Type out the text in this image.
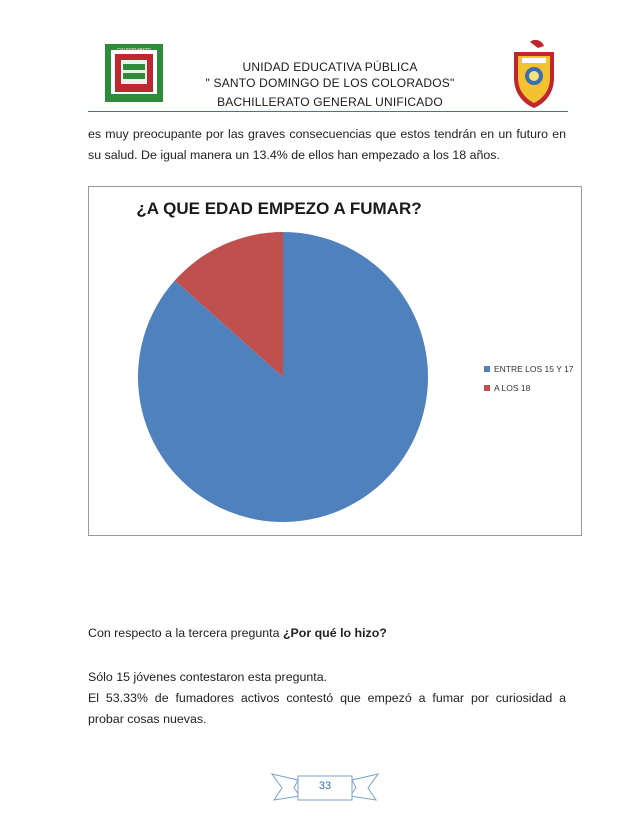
COLEGIO MIXTO
UNIDAD EDUCATIVA PÚBLICA
" SANTO DOMINGO DE LOS COLORADOS"
BACHILLERATO GENERAL UNIFICADO
es muy preocupante por las graves consecuencias que estos tendrán en un futuro en
su salud. De igual manera un 13.4% de ellos han empezado a los 18 años.
¿A QUE EDAD EMPEZO A FUMAR?
ENTRE LOS 15 Y 17
A LOS 18
Con respecto a la tercera pregunta ¿Por qué lo hizo?
Sólo 15 jóvenes contestaron esta pregunta.
El 53.33% de fumadores activos contestó que empezó a fumar por curiosidad a
probar cosas nuevas.
33
